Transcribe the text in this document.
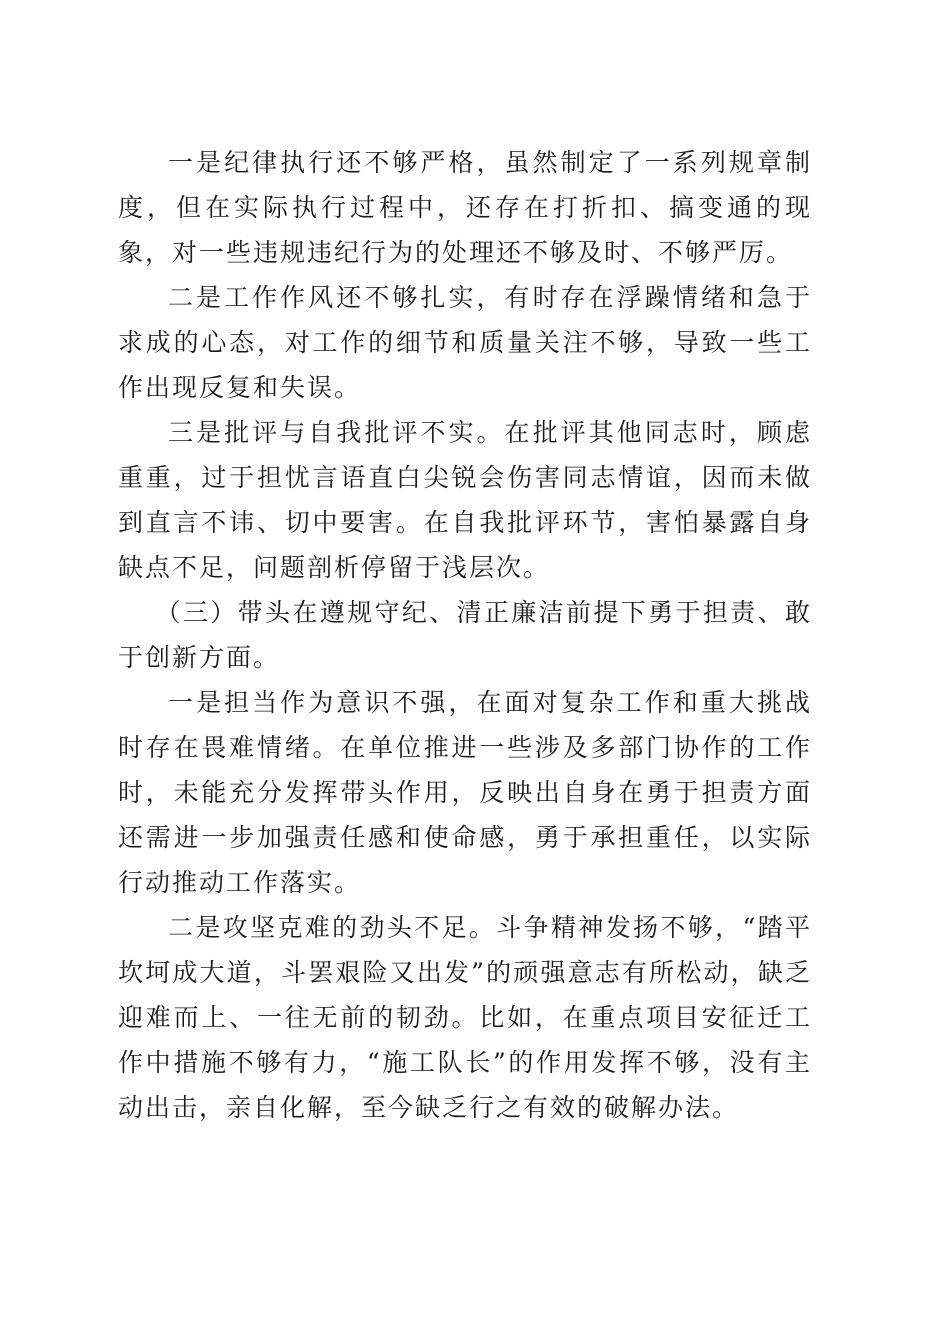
一是纪律执行还不够严格，虽然制定了一系列规章制度，但在实际执行过程中，还存在打折扣、搞变通的现象，对一些违规违纪行为的处理还不够及时、不够严厉。

二是工作作风还不够扎实，有时存在浮躁情绪和急于求成的心态，对工作的细节和质量关注不够，导致一些工作出现反复和失误。

三是批评与自我批评不实。在批评其他同志时，顾虑重重，过于担忧言语直白尖锐会伤害同志情谊，因而未做到直言不讳、切中要害。在自我批评环节，害怕暴露自身缺点不足，问题剖析停留于浅层次。

（三）带头在遵规守纪、清正廉洁前提下勇于担责、敢于创新方面。

一是担当作为意识不强，在面对复杂工作和重大挑战时存在畏难情绪。在单位推进一些涉及多部门协作的工作时，未能充分发挥带头作用，反映出自身在勇于担责方面还需进一步加强责任感和使命感，勇于承担重任，以实际行动推动工作落实。

二是攻坚克难的劲头不足。斗争精神发扬不够，“踏平坎坷成大道，斗罢艰险又出发”的顽强意志有所松动，缺乏迎难而上、一往无前的韧劲。比如，在重点项目安征迁工作中措施不够有力，“施工队长”的作用发挥不够，没有主动出击，亲自化解，至今缺乏行之有效的破解办法。
